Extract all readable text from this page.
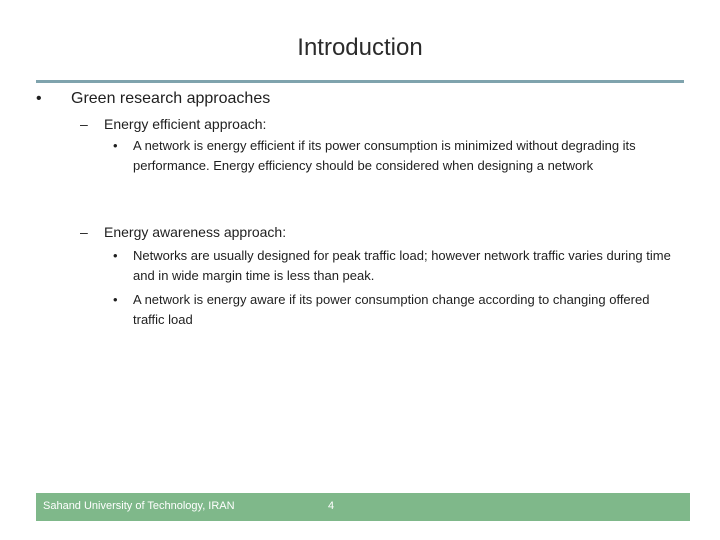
Introduction
•	Green research approaches
–	Energy efficient approach:
•	A network is energy efficient if its power consumption is minimized without degrading its performance. Energy efficiency should be considered when designing a network
–	Energy awareness approach:
•	Networks are usually designed for peak traffic load; however network traffic varies during time and in wide margin time is less than peak.
•	A network is energy aware if its power consumption change according to changing offered traffic load
Sahand University of Technology, IRAN	4
